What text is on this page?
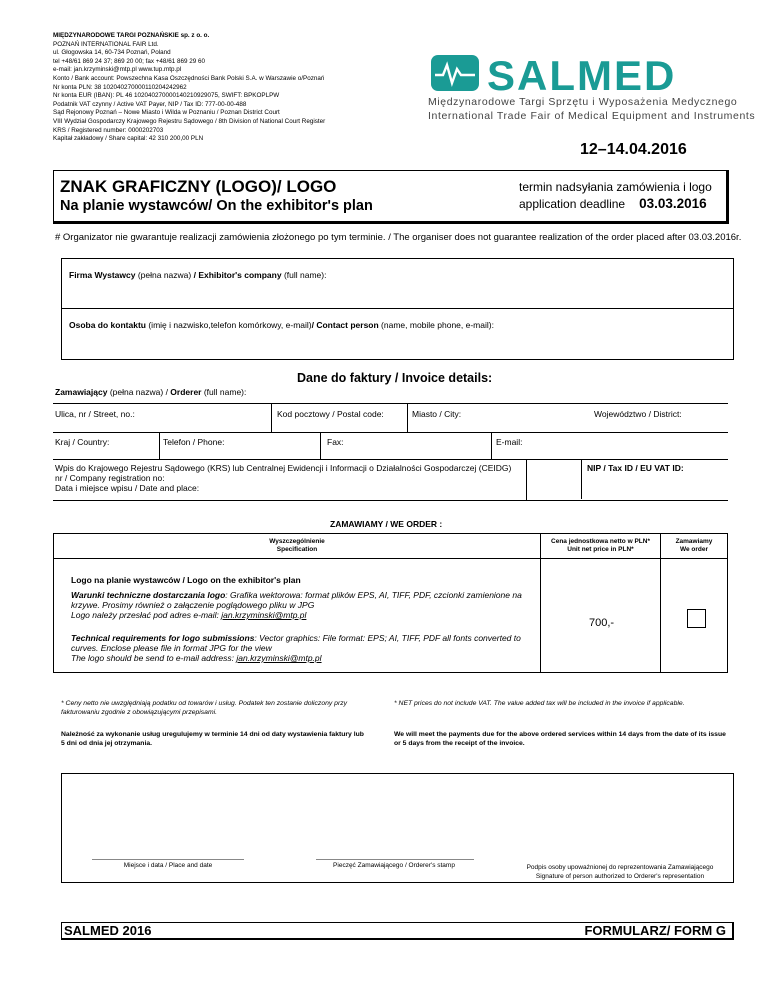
MIĘDZYNARODOWE TARGI POZNAŃSKIE sp. z o. o.
POZNAŃ INTERNATIONAL FAIR Ltd.
ul. Głogowska 14, 60-734 Poznań, Poland
tel +48/61 869 24 37; 869 20 00; fax +48/61 869 29 60
e-mail: jan.krzyminski@mtp.pl www.tup.mtp.pl
Konto / Bank account: Powszechna Kasa Oszczędności Bank Polski S.A. w Warszawie o/Poznań
Nr konta PLN: 38 102040270000110204242962
Nr konta EUR (IBAN): PL 46 102040270000140210929075, SWIFT: BPKOPLPW
Podatnik VAT czynny / Active VAT Payer, NIP / Tax ID: 777-00-00-488
Sąd Rejonowy Poznań – Nowe Miasto i Wilda w Poznaniu / Poznan District Court
VIII Wydział Gospodarczy Krajowego Rejestru Sądowego / 8th Division of National Court Register
KRS / Registered number: 0000202703
Kapitał zakładowy / Share capital: 42 310 200,00 PLN
SALMED
Międzynarodowe Targi Sprzętu i Wyposażenia Medycznego
International Trade Fair of Medical Equipment and Instruments
12–14.04.2016
ZNAK GRAFICZNY (LOGO)/ LOGO
Na planie wystawców/ On the exhibitor's plan
termin nadsyłania zamówienia i logo
application deadline 03.03.2016
# Organizator nie gwarantuje realizacji zamówienia złożonego po tym terminie. / The organiser does not guarantee realization of the order placed after 03.03.2016r.
Firma Wystawcy (pełna nazwa) / Exhibitor's company (full name):
Osoba do kontaktu (imię i nazwisko,telefon komórkowy, e-mail)/ Contact person (name, mobile phone, e-mail):
Dane do faktury / Invoice details:
Zamawiający (pełna nazwa) / Orderer (full name):
Ulica, nr / Street, no.:	Kod pocztowy / Postal code:	Miasto / City:	Województwo / District:
Kraj / Country:	Telefon / Phone:	Fax:	E-mail:
Wpis do Krajowego Rejestru Sądowego (KRS) lub Centralnej Ewidencji i Informacji o Działalności Gospodarczej (CEIDG)
nr / Company registration no:
Data i miejsce wpisu / Date and place:
NIP / Tax ID / EU VAT ID:
ZAMAWIAMY / WE ORDER :
Wyszczególnienie
Specification
Cena jednostkowa netto w PLN*
Unit net price in PLN*
Zamawiamy
We order
Logo na planie wystawców / Logo on the exhibitor's plan
Warunki techniczne dostarczania logo: Grafika wektorowa: format plików EPS, AI, TIFF, PDF, czcionki zamienione na krzywe. Prosimy również o załączenie poglądowego pliku w JPG
Logo należy przesłać pod adres e-mail: jan.krzyminski@mtp.pl
Technical requirements for logo submissions: Vector graphics: File format: EPS; AI, TIFF, PDF all fonts converted to curves. Enclose please file in format JPG for the view
The logo should be send to e-mail address: jan.krzyminski@mtp.pl
700,-
* Ceny netto nie uwzględniają podatku od towarów i usług. Podatek ten zostanie doliczony przy fakturowaniu zgodnie z obowiązującymi przepisami.
* NET prices do not include VAT. The value added tax will be included in the invoice if applicable.
Należność za wykonanie usług uregulujemy w terminie 14 dni od daty wystawienia faktury lub 5 dni od dnia jej otrzymania.
We will meet the payments due for the above ordered services within 14 days from the date of its issue or 5 days from the receipt of the invoice.
Miejsce i data / Place and date	Pieczęć Zamawiającego / Orderer's stamp	Podpis osoby upoważnionej do reprezentowania Zamawiającego
Signature of person authorized to Orderer's representation
SALMED 2016	FORMULARZ/ FORM G
